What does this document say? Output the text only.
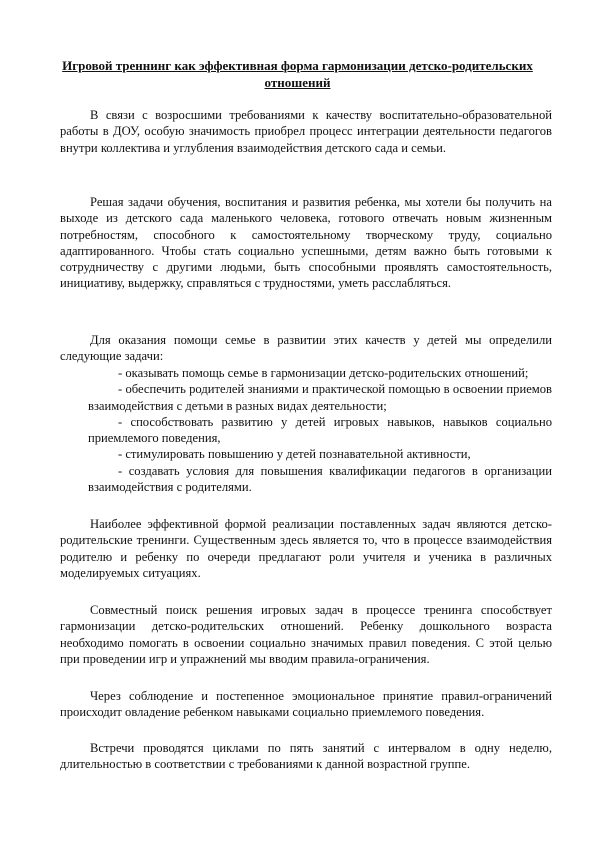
Игровой треннинг как эффективная форма гармонизации детско-родительских отношений

В связи с возросшими требованиями к качеству воспитательно-образовательной работы в ДОУ, особую значимость приобрел процесс интеграции деятельности педагогов внутри коллектива и углубления взаимодействия детского сада и семьи.

Решая задачи обучения, воспитания и развития ребенка, мы хотели бы получить на выходе из детского сада маленького человека, готового отвечать новым жизненным потребностям, способного к самостоятельному творческому труду, социально адаптированного. Чтобы стать социально успешными, детям важно быть готовыми к сотрудничеству с другими людьми, быть способными проявлять самостоятельность, инициативу, выдержку, справляться с трудностями, уметь расслабляться.

Для оказания помощи семье в развитии этих качеств у детей мы определили следующие задачи:

- оказывать помощь семье в гармонизации детско-родительских отношений;
- обеспечить родителей знаниями и практической помощью в освоении приемов взаимодействия с детьми в разных видах деятельности;
- способствовать развитию у детей игровых навыков, навыков социально приемлемого поведения,
- стимулировать повышению у детей познавательной активности,
- создавать условия для повышения квалификации педагогов в организации взаимодействия с родителями.

Наиболее эффективной формой реализации поставленных задач являются детско-родительские тренинги. Существенным здесь является то, что в процессе взаимодействия родителю и ребенку по очереди предлагают роли учителя и ученика в различных моделируемых ситуациях.

Совместный поиск решения игровых задач в процессе тренинга способствует гармонизации детско-родительских отношений. Ребенку дошкольного возраста необходимо помогать в освоении социально значимых правил поведения. С этой целью при проведении игр и упражнений мы вводим правила-ограничения.

Через соблюдение и постепенное эмоциональное принятие правил-ограничений происходит овладение ребенком навыками социально приемлемого поведения.

Встречи проводятся циклами по пять занятий с интервалом в одну неделю, длительностью в соответствии с требованиями к данной возрастной группе.
